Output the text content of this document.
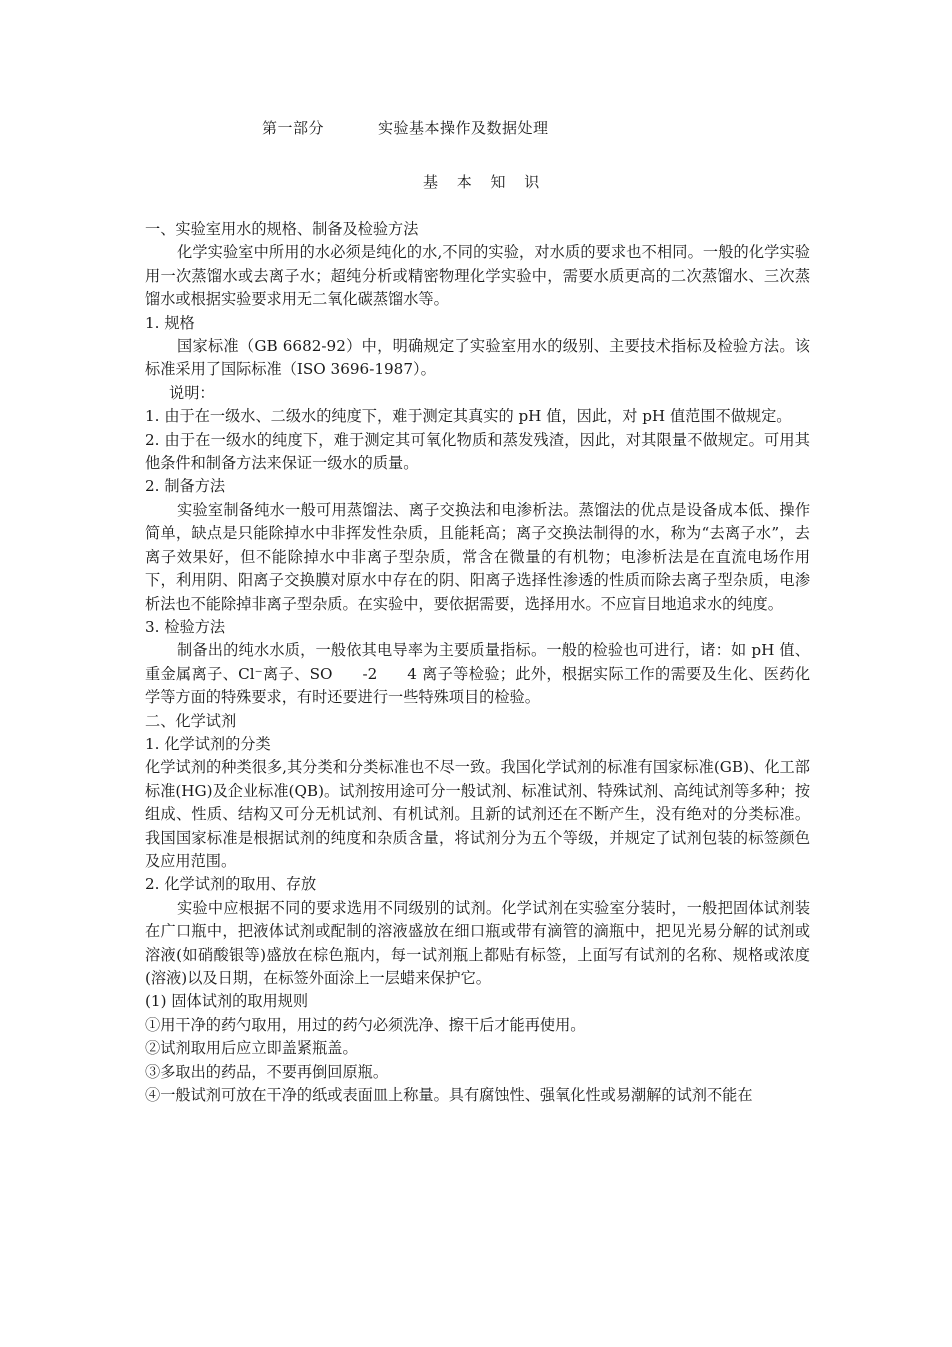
第一部分	实验基本操作及数据处理
基 本 知 识

一、实验室用水的规格、制备及检验方法

化学实验室中所用的水必须是纯化的水,不同的实验，对水质的要求也不相同。一般的化学实验用一次蒸馏水或去离子水；超纯分析或精密物理化学实验中，需要水质更高的二次蒸馏水、三次蒸馏水或根据实验要求用无二氧化碳蒸馏水等。

1. 规格

国家标准（GB 6682-92）中，明确规定了实验室用水的级别、主要技术指标及检验方法。该标准采用了国际标准（ISO 3696-1987）。

说明：

1. 由于在一级水、二级水的纯度下，难于测定其真实的 pH 值，因此，对 pH 值范围不做规定。

2. 由于在一级水的纯度下，难于测定其可氧化物质和蒸发残渣，因此，对其限量不做规定。可用其他条件和制备方法来保证一级水的质量。

2. 制备方法

实验室制备纯水一般可用蒸馏法、离子交换法和电渗析法。蒸馏法的优点是设备成本低、操作简单，缺点是只能除掉水中非挥发性杂质，且能耗高；离子交换法制得的水，称为“去离子水”，去离子效果好，但不能除掉水中非离子型杂质，常含在微量的有机物；电渗析法是在直流电场作用下，利用阴、阳离子交换膜对原水中存在的阴、阳离子选择性渗透的性质而除去离子型杂质，电渗析法也不能除掉非离子型杂质。在实验中，要依据需要，选择用水。不应盲目地追求水的纯度。

3. 检验方法

制备出的纯水水质，一般依其电导率为主要质量指标。一般的检验也可进行，诸：如 pH 值、重金属离子、Cl⁻离子、SO -2 4 离子等检验；此外，根据实际工作的需要及生化、医药化学等方面的特殊要求，有时还要进行一些特殊项目的检验。

二、化学试剂

1. 化学试剂的分类

化学试剂的种类很多,其分类和分类标准也不尽一致。我国化学试剂的标准有国家标准(GB)、化工部标准(HG)及企业标准(QB)。试剂按用途可分一般试剂、标准试剂、特殊试剂、高纯试剂等多种；按组成、性质、结构又可分无机试剂、有机试剂。且新的试剂还在不断产生，没有绝对的分类标准。我国国家标准是根据试剂的纯度和杂质含量，将试剂分为五个等级，并规定了试剂包装的标签颜色及应用范围。

2. 化学试剂的取用、存放

实验中应根据不同的要求选用不同级别的试剂。化学试剂在实验室分装时，一般把固体试剂装在广口瓶中，把液体试剂或配制的溶液盛放在细口瓶或带有滴管的滴瓶中，把见光易分解的试剂或溶液(如硝酸银等)盛放在棕色瓶内，每一试剂瓶上都贴有标签，上面写有试剂的名称、规格或浓度(溶液)以及日期，在标签外面涂上一层蜡来保护它。

(1) 固体试剂的取用规则

①用干净的药勺取用，用过的药勺必须洗净、擦干后才能再使用。

②试剂取用后应立即盖紧瓶盖。

③多取出的药品，不要再倒回原瓶。

④一般试剂可放在干净的纸或表面皿上称量。具有腐蚀性、强氧化性或易潮解的试剂不能在
